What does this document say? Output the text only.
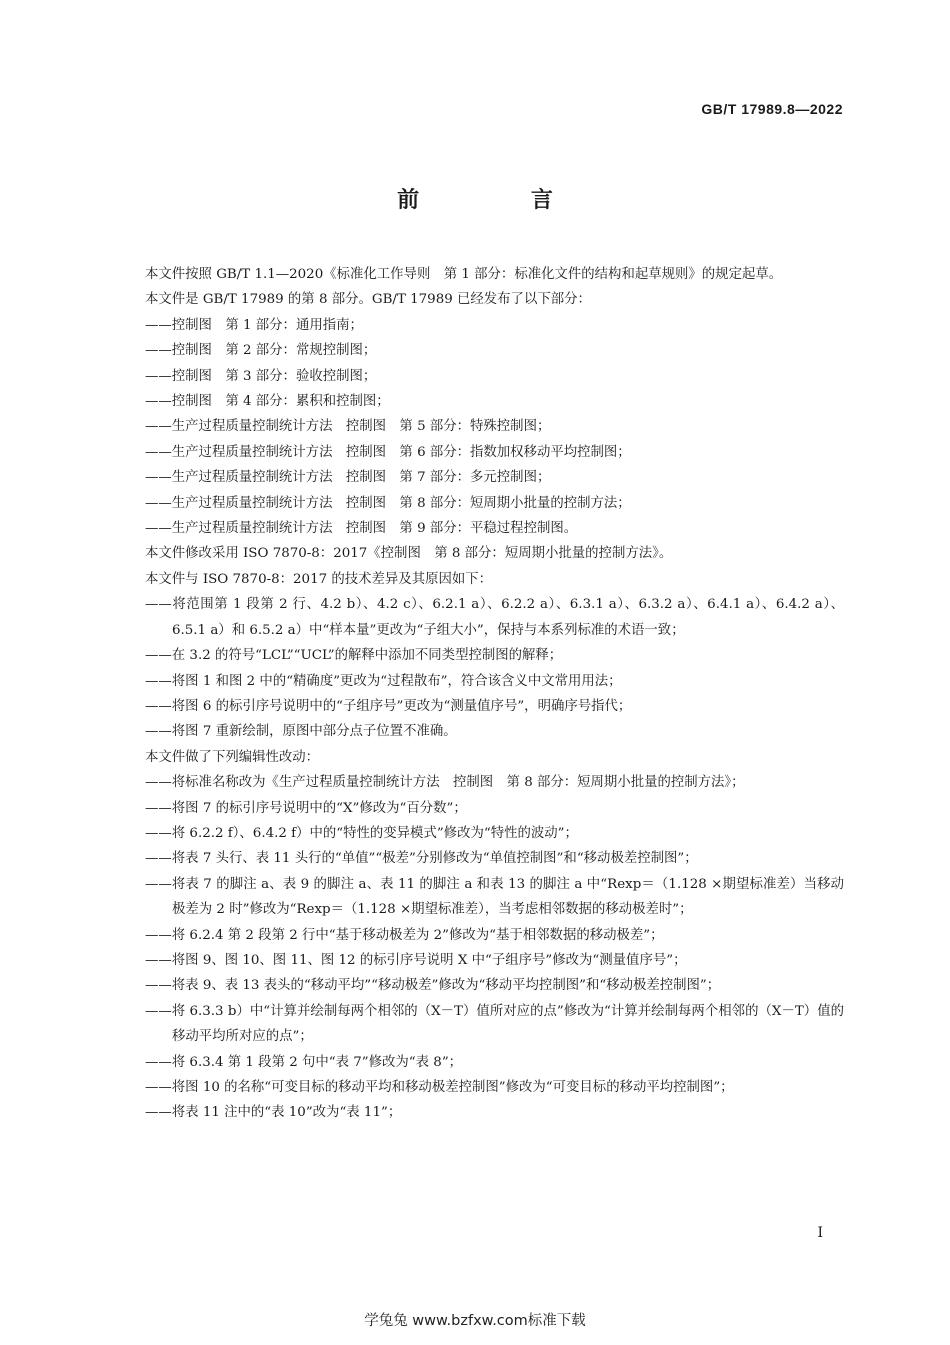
GB/T 17989.8—2022
前 言

本文件按照 GB/T 1.1—2020《标准化工作导则　第 1 部分：标准化文件的结构和起草规则》的规定起草。

本文件是 GB/T 17989 的第 8 部分。GB/T 17989 已经发布了以下部分：

——控制图　第 1 部分：通用指南；

——控制图　第 2 部分：常规控制图；

——控制图　第 3 部分：验收控制图；

——控制图　第 4 部分：累积和控制图；

——生产过程质量控制统计方法　控制图　第 5 部分：特殊控制图；

——生产过程质量控制统计方法　控制图　第 6 部分：指数加权移动平均控制图；

——生产过程质量控制统计方法　控制图　第 7 部分：多元控制图；

——生产过程质量控制统计方法　控制图　第 8 部分：短周期小批量的控制方法；

——生产过程质量控制统计方法　控制图　第 9 部分：平稳过程控制图。

本文件修改采用 ISO 7870-8：2017《控制图　第 8 部分：短周期小批量的控制方法》。

本文件与 ISO 7870-8：2017 的技术差异及其原因如下：

——将范围第 1 段第 2 行、4.2 b）、4.2 c）、6.2.1 a）、6.2.2 a）、6.3.1 a）、6.3.2 a）、6.4.1 a）、6.4.2 a）、6.5.1 a）和 6.5.2 a）中“样本量”更改为“子组大小”，保持与本系列标准的术语一致；

——在 3.2 的符号“LCL”“UCL”的解释中添加不同类型控制图的解释；

——将图 1 和图 2 中的“精确度”更改为“过程散布”，符合该含义中文常用用法；

——将图 6 的标引序号说明中的“子组序号”更改为“测量值序号”，明确序号指代；

——将图 7 重新绘制，原图中部分点子位置不准确。

本文件做了下列编辑性改动：

——将标准名称改为《生产过程质量控制统计方法　控制图　第 8 部分：短周期小批量的控制方法》；

——将图 7 的标引序号说明中的“X”修改为“百分数”；

——将 6.2.2 f）、6.4.2 f）中的“特性的变异模式”修改为“特性的波动”；

——将表 7 头行、表 11 头行的“单值”“极差”分别修改为“单值控制图”和“移动极差控制图”；

——将表 7 的脚注 a、表 9 的脚注 a、表 11 的脚注 a 和表 13 的脚注 a 中“Rexp＝（1.128 ×期望标准差）当移动极差为 2 时”修改为“Rexp＝（1.128 ×期望标准差），当考虑相邻数据的移动极差时”；

——将 6.2.4 第 2 段第 2 行中“基于移动极差为 2”修改为“基于相邻数据的移动极差”；

——将图 9、图 10、图 11、图 12 的标引序号说明 X 中“子组序号”修改为“测量值序号”；

——将表 9、表 13 表头的“移动平均”“移动极差”修改为“移动平均控制图”和“移动极差控制图”；

——将 6.3.3 b）中“计算并绘制每两个相邻的（X－T）值所对应的点”修改为“计算并绘制每两个相邻的（X－T）值的移动平均所对应的点”；

——将 6.3.4 第 1 段第 2 句中“表 7”修改为“表 8”；

——将图 10 的名称“可变目标的移动平均和移动极差控制图”修改为“可变目标的移动平均控制图”；

——将表 11 注中的“表 10”改为“表 11”；

I
学兔兔 www.bzfxw.com标准下载
